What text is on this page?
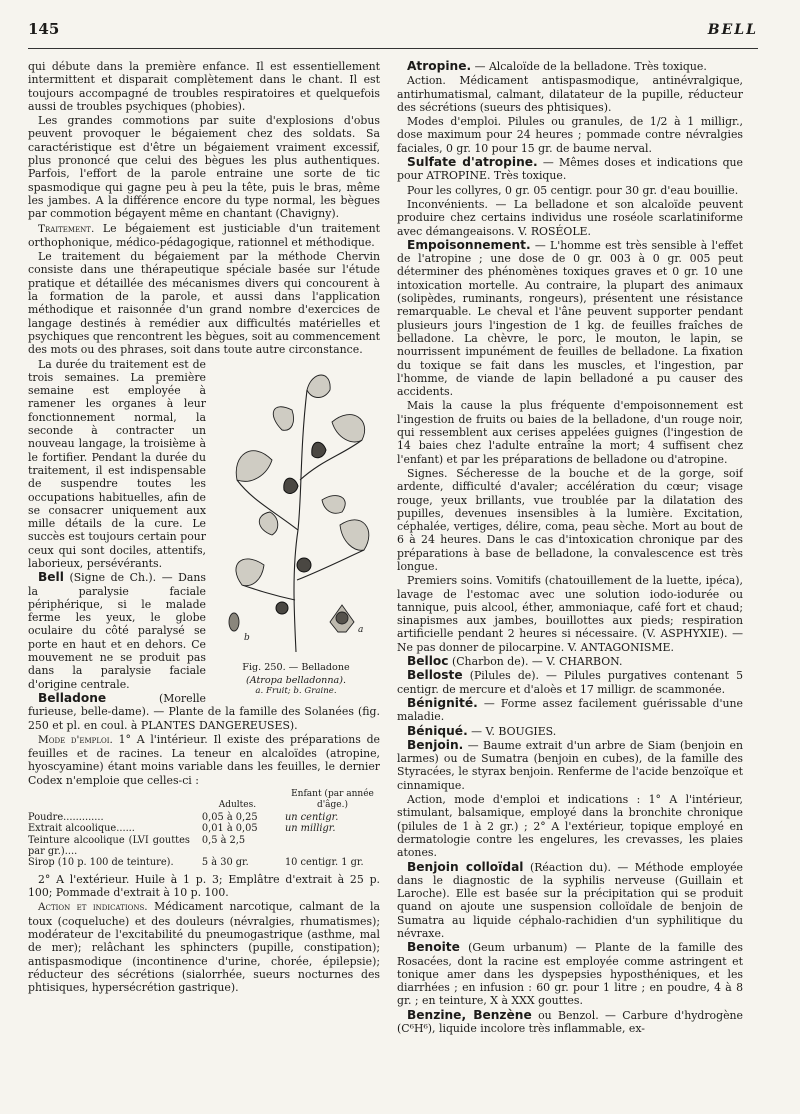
145	BELL

qui débute dans la première enfance. Il est essentiellement intermittent et disparait complètement dans le chant. Il est toujours accompagné de troubles respiratoires et quelquefois aussi de troubles psychiques (phobies).

Les grandes commotions par suite d'explosions d'obus peuvent provoquer le bégaiement chez des soldats. Sa caractéristique est d'être un bégaiement vraiment excessif, plus prononcé que celui des bègues les plus authentiques. Parfois, l'effort de la parole entraine une sorte de tic spasmodique qui gagne peu à peu la tête, puis le bras, même les jambes. A la différence encore du type normal, les bègues par commotion bégayent même en chantant (Chavigny).

Traitement. Le bégaiement est justiciable d'un traitement orthophonique, médico-pédagogique, rationnel et méthodique.

Le traitement du bégaiement par la méthode Chervin consiste dans une thérapeutique spéciale basée sur l'étude pratique et détaillée des mécanismes divers qui concourent à la formation de la parole, et aussi dans l'application méthodique et raisonnée d'un grand nombre d'exercices de langage destinés à remédier aux difficultés matérielles et psychiques que rencontrent les bègues, soit au commencement des mots ou des phrases, soit dans toute autre circonstance.

a
b
Fig. 250. — Belladone
(Atropa belladonna).
a. Fruit; b. Graine.

La durée du traitement est de trois semaines. La première semaine est employée à ramener les organes à leur fonctionnement normal, la seconde à contracter un nouveau langage, la troisième à le fortifier. Pendant la durée du traitement, il est indispensable de suspendre toutes les occupations habituelles, afin de se consacrer uniquement aux mille détails de la cure. Le succès est toujours certain pour ceux qui sont dociles, attentifs, laborieux, persévérants.

Bell (Signe de Ch.). — Dans la paralysie faciale périphérique, si le malade ferme les yeux, le globe oculaire du côté paralysé se porte en haut et en dehors. Ce mouvement ne se produit pas dans la paralysie faciale d'origine centrale.

Belladone (Morelle furieuse, belle-dame). — Plante de la famille des Solanées (fig. 250 et pl. en coul. à PLANTES DANGEREUSES).

Mode d'emploi. 1° A l'intérieur. Il existe des préparations de feuilles et de racines. La teneur en alcaloïdes (atropine, hyoscyamine) étant moins variable dans les feuilles, le dernier Codex n'emploie que celles-ci :

	Adultes.	Enfant (par année d'âge.)
Poudre.............	0,05 à 0,25	un centigr.
Extrait alcoolique......	0,01 à 0,05	un milligr.
Teinture alcoolique (LVI gouttes par gr.)....	0,5 à 2,5	
Sirop (10 p. 100 de teinture).	5 à 30 gr.	10 centigr. 1 gr.

2° A l'extérieur. Huile à 1 p. 3; Emplâtre d'extrait à 25 p. 100; Pommade d'extrait à 10 p. 100.

Action et indications. Médicament narcotique, calmant de la toux (coqueluche) et des douleurs (névralgies, rhumatismes); modérateur de l'excitabilité du pneumogastrique (asthme, mal de mer); relâchant les sphincters (pupille, constipation); antispasmodique (incontinence d'urine, chorée, épilepsie); réducteur des sécrétions (sialorrhée, sueurs nocturnes des phtisiques, hypersécrétion gastrique).

Atropine. — Alcaloïde de la belladone. Très toxique.

Action. Médicament antispasmodique, antinévralgique, antirhumatismal, calmant, dilatateur de la pupille, réducteur des sécrétions (sueurs des phtisiques).

Modes d'emploi. Pilules ou granules, de 1/2 à 1 milligr., dose maximum pour 24 heures ; pommade contre névralgies faciales, 0 gr. 10 pour 15 gr. de baume nerval.

Sulfate d'atropine. — Mêmes doses et indications que pour ATROPINE. Très toxique.

Pour les collyres, 0 gr. 05 centigr. pour 30 gr. d'eau bouillie.

Inconvénients. — La belladone et son alcaloïde peuvent produire chez certains individus une roséole scarlatiniforme avec démangeaisons. V. ROSÉOLE.

Empoisonnement. — L'homme est très sensible à l'effet de l'atropine ; une dose de 0 gr. 003 à 0 gr. 005 peut déterminer des phénomènes toxiques graves et 0 gr. 10 une intoxication mortelle. Au contraire, la plupart des animaux (solipèdes, ruminants, rongeurs), présentent une résistance remarquable. Le cheval et l'âne peuvent supporter pendant plusieurs jours l'ingestion de 1 kg. de feuilles fraîches de belladone. La chèvre, le porc, le mouton, le lapin, se nourrissent impunément de feuilles de belladone. La fixation du toxique se fait dans les muscles, et l'ingestion, par l'homme, de viande de lapin belladoné a pu causer des accidents.

Mais la cause la plus fréquente d'empoisonnement est l'ingestion de fruits ou baies de la belladone, d'un rouge noir, qui ressemblent aux cerises appelées guignes (l'ingestion de 14 baies chez l'adulte entraîne la mort; 4 suffisent chez l'enfant) et par les préparations de belladone ou d'atropine.

Signes. Sécheresse de la bouche et de la gorge, soif ardente, difficulté d'avaler; accélération du cœur; visage rouge, yeux brillants, vue troublée par la dilatation des pupilles, devenues insensibles à la lumière. Excitation, céphalée, vertiges, délire, coma, peau sèche. Mort au bout de 6 à 24 heures. Dans le cas d'intoxication chronique par des préparations à base de belladone, la convalescence est très longue.

Premiers soins. Vomitifs (chatouillement de la luette, ipéca), lavage de l'estomac avec une solution iodo-iodurée ou tannique, puis alcool, éther, ammoniaque, café fort et chaud; sinapismes aux jambes, bouillottes aux pieds; respiration artificielle pendant 2 heures si nécessaire. (V. ASPHYXIE). — Ne pas donner de pilocarpine. V. ANTAGONISME.

Belloc (Charbon de). — V. CHARBON.

Belloste (Pilules de). — Pilules purgatives contenant 5 centigr. de mercure et d'aloès et 17 milligr. de scammonée.

Bénignité. — Forme assez facilement guérissable d'une maladie.

Béniqué. — V. BOUGIES.

Benjoin. — Baume extrait d'un arbre de Siam (benjoin en larmes) ou de Sumatra (benjoin en cubes), de la famille des Styracées, le styrax benjoin. Renferme de l'acide benzoïque et cinnamique.

Action, mode d'emploi et indications : 1° A l'intérieur, stimulant, balsamique, employé dans la bronchite chronique (pilules de 1 à 2 gr.) ; 2° A l'extérieur, topique employé en dermatologie contre les engelures, les crevasses, les plaies atones.

Benjoin colloïdal (Réaction du). — Méthode employée dans le diagnostic de la syphilis nerveuse (Guillain et Laroche). Elle est basée sur la précipitation qui se produit quand on ajoute une suspension colloïdale de benjoin de Sumatra au liquide céphalo-rachidien d'un syphilitique du névraxe.

Benoite (Geum urbanum) — Plante de la famille des Rosacées, dont la racine est employée comme astringent et tonique amer dans les dyspepsies hyposthéniques, et les diarrhées ; en infusion : 60 gr. pour 1 litre ; en poudre, 4 à 8 gr. ; en teinture, X à XXX gouttes.

Benzine, Benzène ou Benzol. — Carbure d'hydrogène (C⁶H⁶), liquide incolore très inflammable, ex-
